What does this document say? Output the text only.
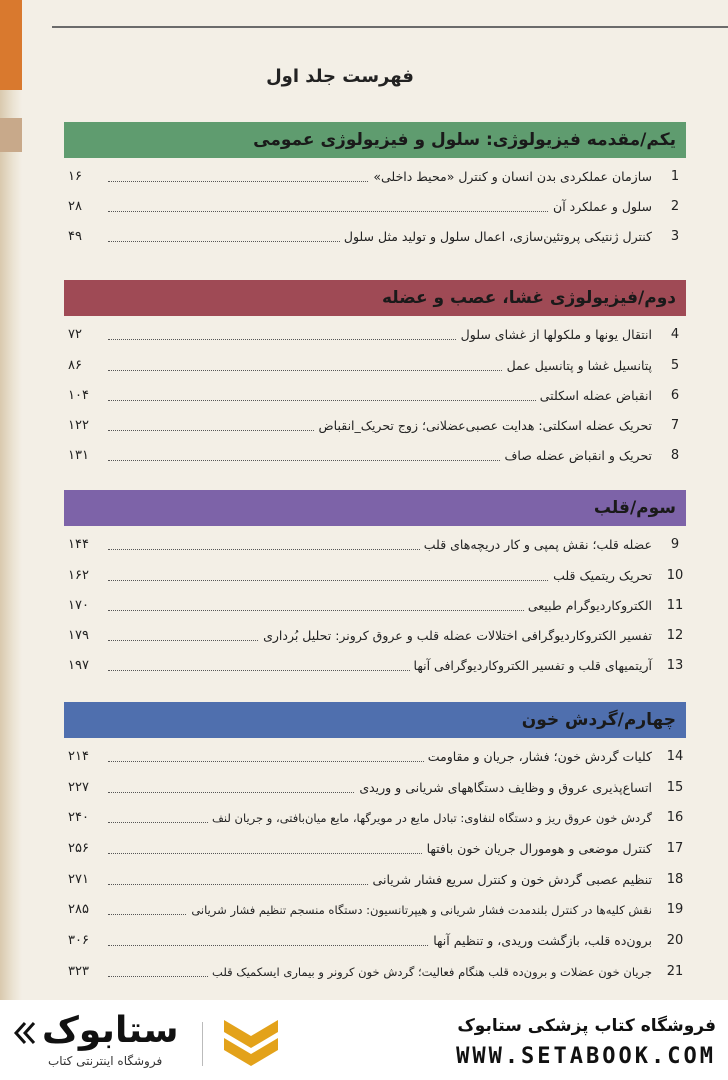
فهرست جلد اول
یکم/مقدمه فیزیولوژی: سلول و فیزیولوژی عمومی
1
سازمان عملکردی بدن انسان و کنترل «محیط داخلی»
۱۶
2
سلول و عملکرد آن
۲۸
3
کنترل ژنتیکی پروتئین‌سازی، اعمال سلول و تولید مثل سلول
۴۹
دوم/فیزیولوژی غشا، عصب و عضله
4
انتقال یونها و ملکولها از غشای سلول
۷۲
5
پتانسیل غشا و پتانسیل عمل
۸۶
6
انقباض عضله اسکلتی
۱۰۴
7
تحریک عضله اسکلتی: هدایت عصبی‌عضلانی؛ زوج تحریک_انقباض
۱۲۲
8
تحریک و انقباض عضله صاف
۱۳۱
سوم/قلب
9
عضله قلب؛ نقش پمپی و کار دریچه‌های قلب
۱۴۴
10
تحریک ریتمیک قلب
۱۶۲
11
الکتروکاردیوگرام طبیعی
۱۷۰
12
تفسیر الکتروکاردیوگرافی اختلالات عضله قلب و عروق کرونر: تحلیل بُرداری
۱۷۹
13
آریتمیهای قلب و تفسیر الکتروکاردیوگرافی آنها
۱۹۷
چهارم/گردش خون
14
کلیات گردش خون؛ فشار، جریان و مقاومت
۲۱۴
15
اتساع‌پذیری عروق و وظایف دستگاههای شریانی و وریدی
۲۲۷
16
گردش خون عروق ریز و دستگاه لنفاوی: تبادل مایع در مویرگها، مایع میان‌بافتی، و جریان لنف
۲۴۰
17
کنترل موضعی و هومورال جریان خون بافتها
۲۵۶
18
تنظیم عصبی گردش خون و کنترل سریع فشار شریانی
۲۷۱
19
نقش کلیه‌ها در کنترل بلندمدت فشار شریانی و هیپرتانسیون: دستگاه منسجم تنظیم فشار شریانی
۲۸۵
20
برون‌ده قلب، بازگشت وریدی، و تنظیم آنها
۳۰۶
21
جریان خون عضلات و برون‌ده قلب هنگام فعالیت؛ گردش خون کرونر و بیماری ایسکمیک قلب
۳۲۳
ستابوک
فروشگاه اینترنتی کتاب
فروشگاه کتاب پزشکی ستابوک
WWW.SETABOOK.COM
